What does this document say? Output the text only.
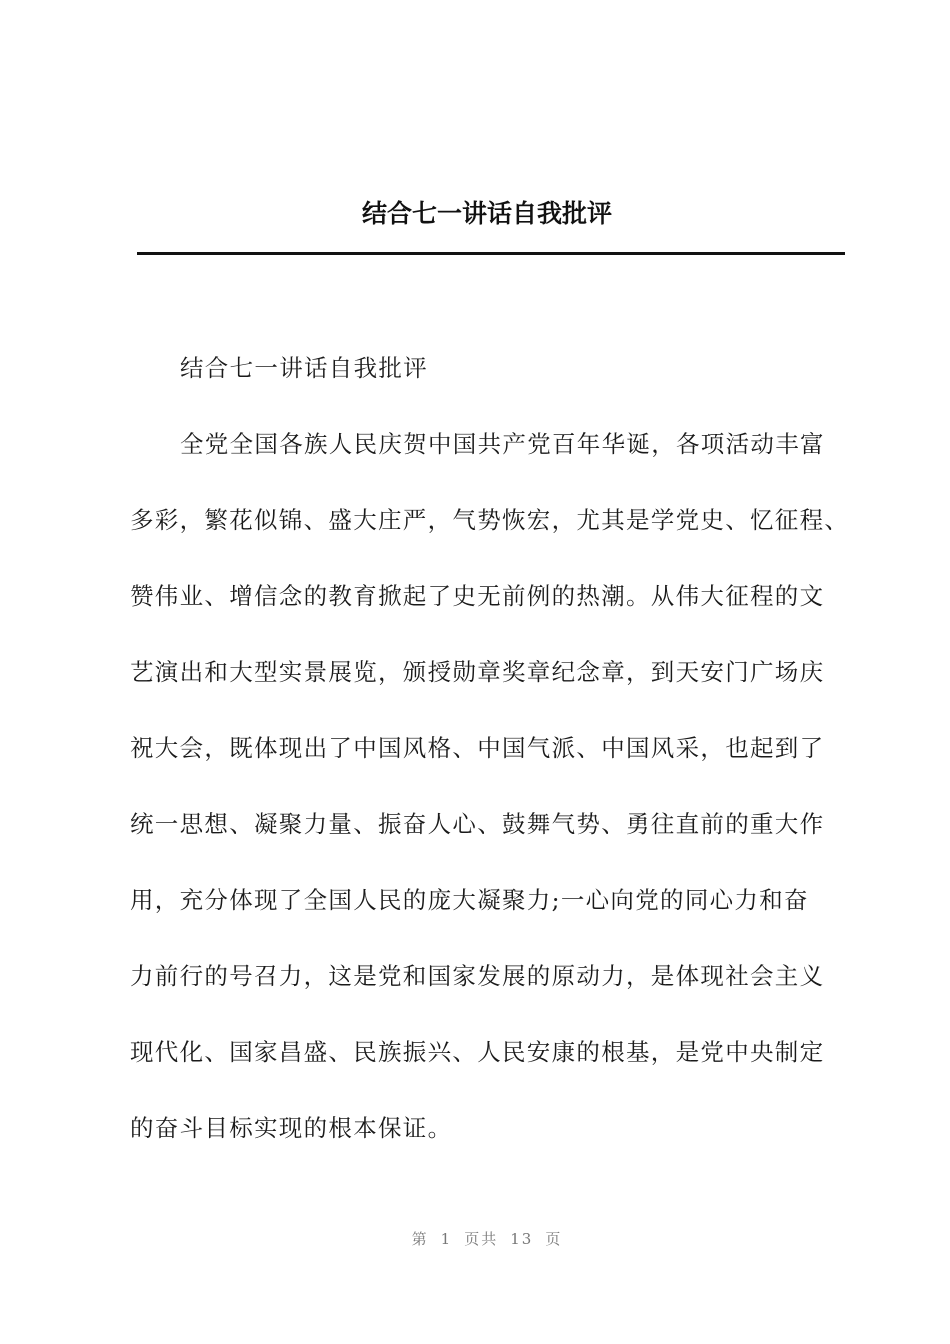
结合七一讲话自我批评
结合七一讲话自我批评
全党全国各族人民庆贺中国共产党百年华诞，各项活动丰富
多彩，繁花似锦、盛大庄严，气势恢宏，尤其是学党史、忆征程、
赞伟业、增信念的教育掀起了史无前例的热潮。从伟大征程的文
艺演出和大型实景展览，颁授勋章奖章纪念章，到天安门广场庆
祝大会，既体现出了中国风格、中国气派、中国风采，也起到了
统一思想、凝聚力量、振奋人心、鼓舞气势、勇往直前的重大作
用，充分体现了全国人民的庞大凝聚力;一心向党的同心力和奋
力前行的号召力，这是党和国家发展的原动力，是体现社会主义
现代化、国家昌盛、民族振兴、人民安康的根基，是党中央制定
的奋斗目标实现的根本保证。
第 1 页共 13 页
